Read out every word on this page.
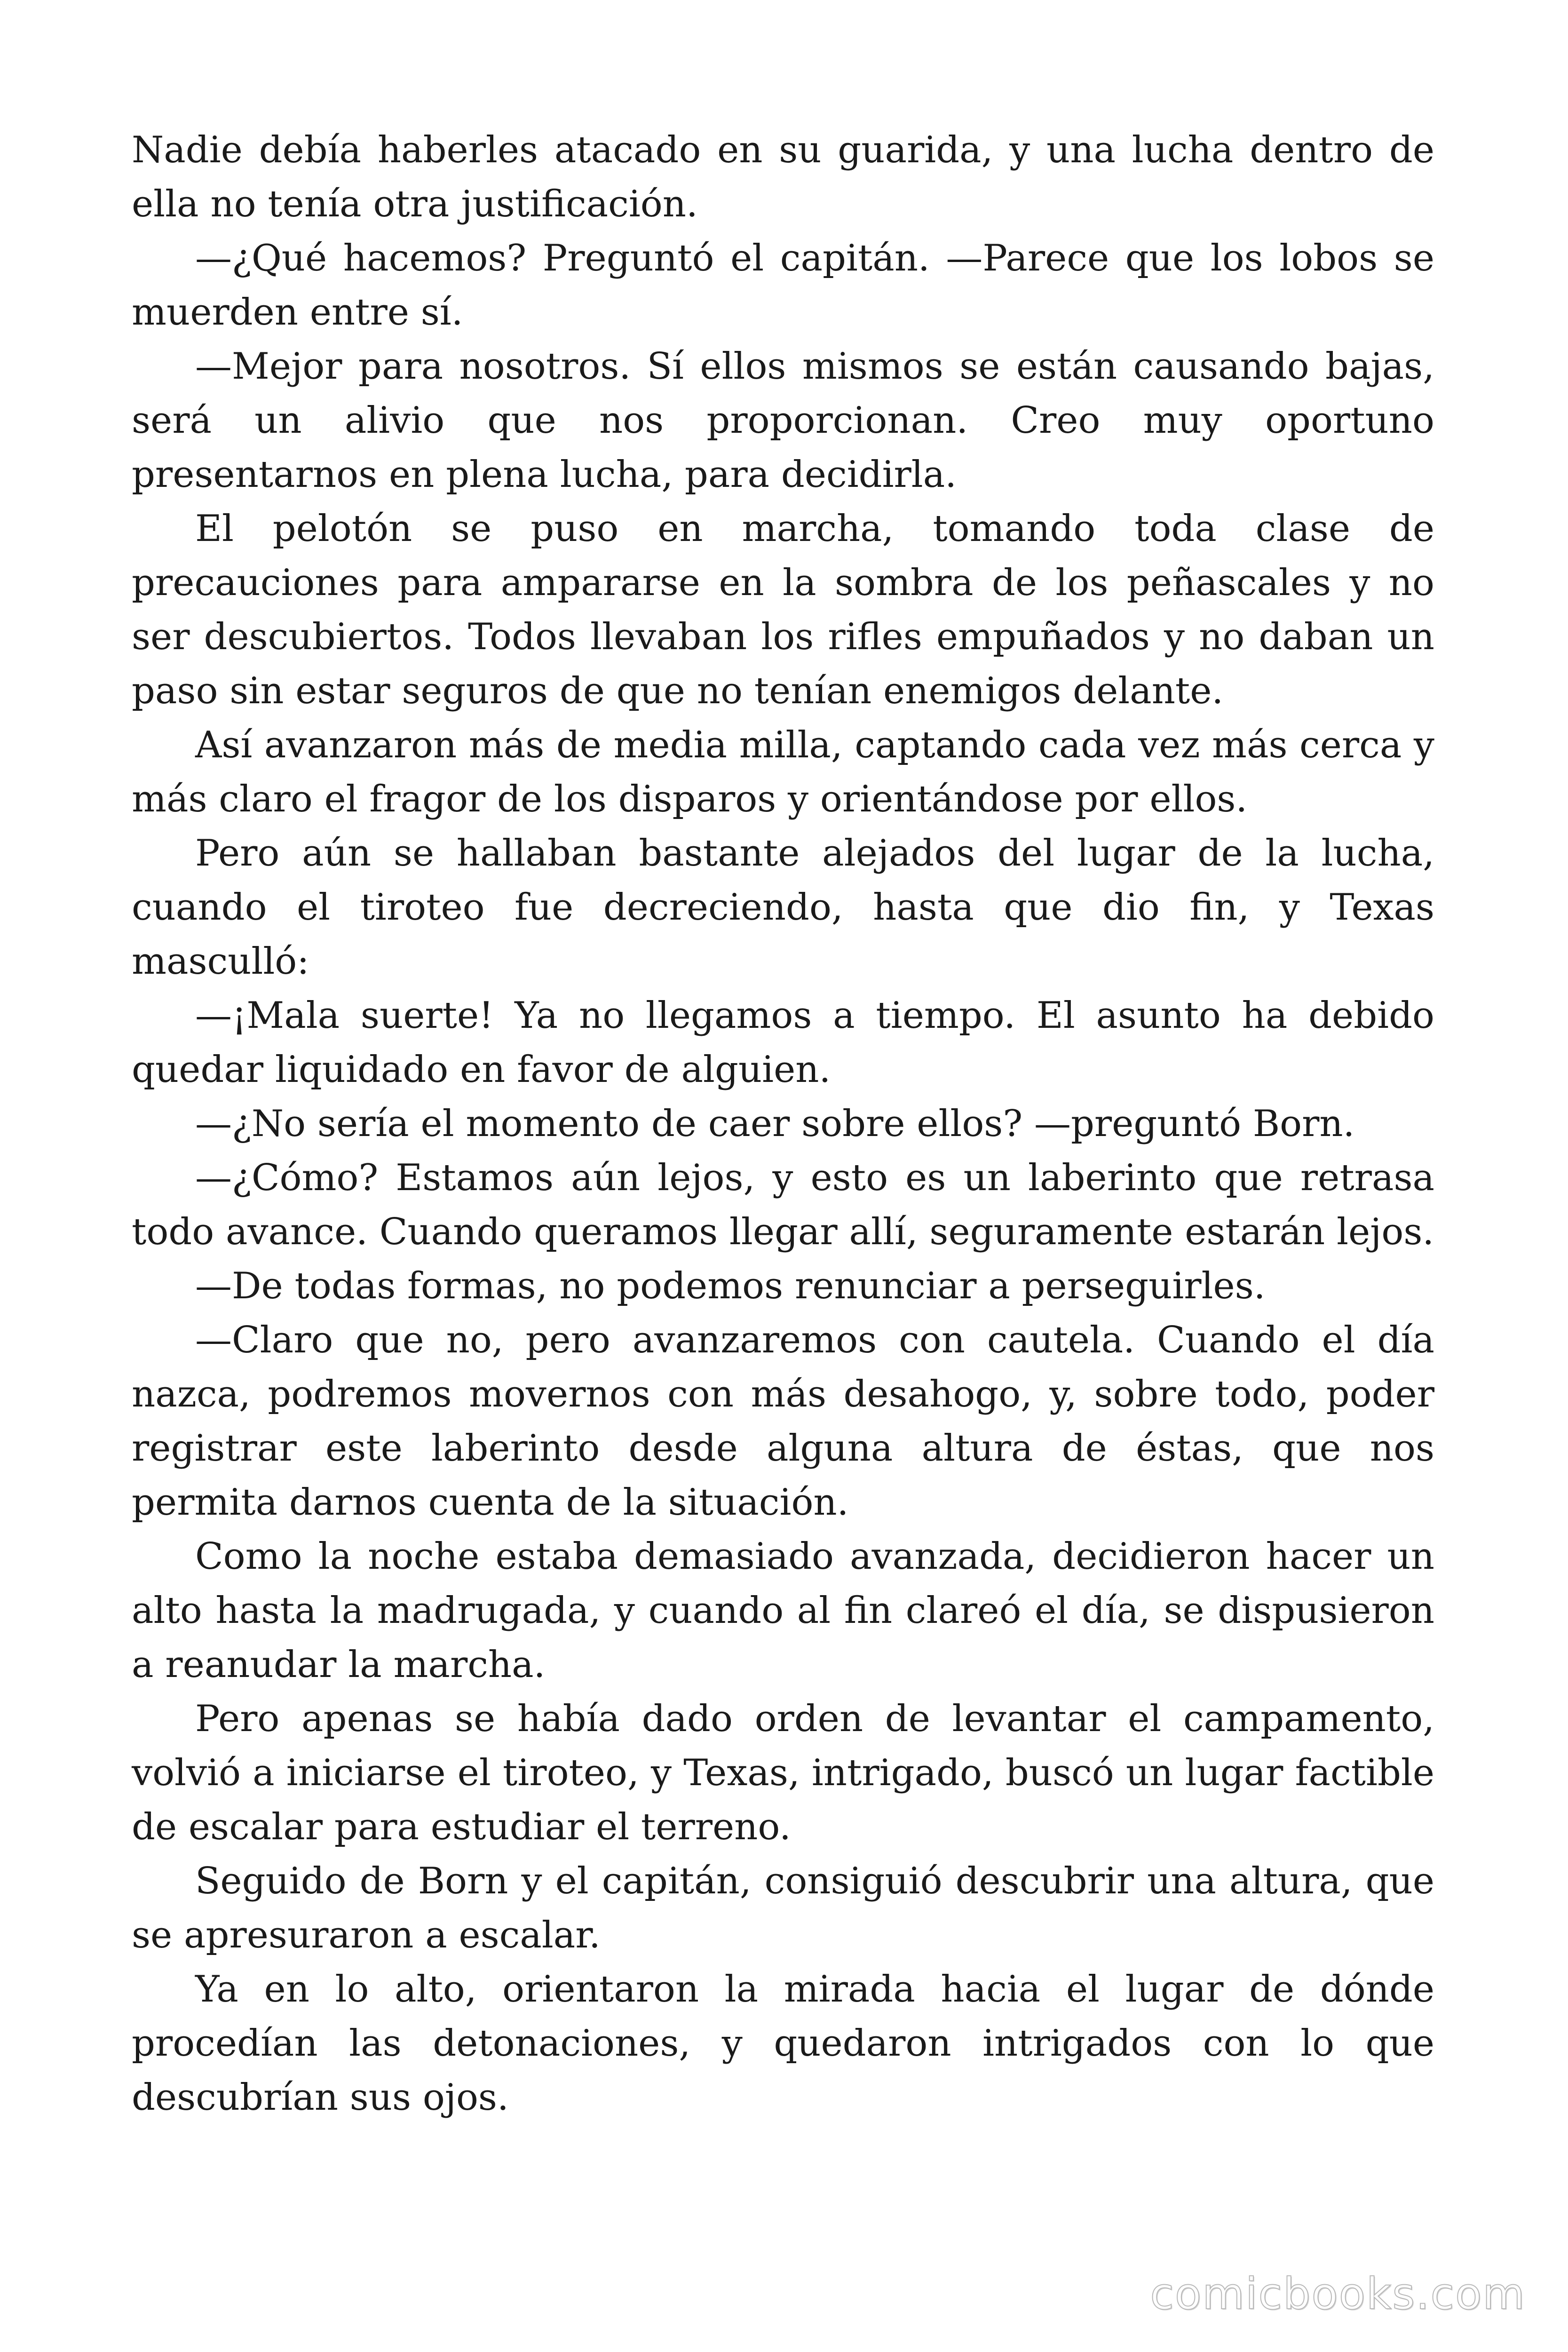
Nadie debía haberles atacado en su guarida, y una lucha dentro de ella no tenía otra justificación.

—¿Qué hacemos? Preguntó el capitán. —Parece que los lobos se muerden entre sí.

—Mejor para nosotros. Sí ellos mismos se están causando bajas, será un alivio que nos proporcionan. Creo muy oportuno presentarnos en plena lucha, para decidirla.

El pelotón se puso en marcha, tomando toda clase de precauciones para ampararse en la sombra de los peñascales y no ser descubiertos. Todos llevaban los rifles empuñados y no daban un paso sin estar seguros de que no tenían enemigos delante.

Así avanzaron más de media milla, captando cada vez más cerca y más claro el fragor de los disparos y orientándose por ellos.

Pero aún se hallaban bastante alejados del lugar de la lucha, cuando el tiroteo fue decreciendo, hasta que dio fin, y Texas masculló:

—¡Mala suerte! Ya no llegamos a tiempo. El asunto ha debido quedar liquidado en favor de alguien.

—¿No sería el momento de caer sobre ellos? —preguntó Born.

—¿Cómo? Estamos aún lejos, y esto es un laberinto que retrasa todo avance. Cuando queramos llegar allí, seguramente estarán lejos.

—De todas formas, no podemos renunciar a perseguirles.

—Claro que no, pero avanzaremos con cautela. Cuando el día nazca, podremos movernos con más desahogo, y, sobre todo, poder registrar este laberinto desde alguna altura de éstas, que nos permita darnos cuenta de la situación.

Como la noche estaba demasiado avanzada, decidieron hacer un alto hasta la madrugada, y cuando al fin clareó el día, se dispusieron a reanudar la marcha.

Pero apenas se había dado orden de levantar el campamento, volvió a iniciarse el tiroteo, y Texas, intrigado, buscó un lugar factible de escalar para estudiar el terreno.

Seguido de Born y el capitán, consiguió descubrir una altura, que se apresuraron a escalar.

Ya en lo alto, orientaron la mirada hacia el lugar de dónde procedían las detonaciones, y quedaron intrigados con lo que descubrían sus ojos.

comicbooks.com
